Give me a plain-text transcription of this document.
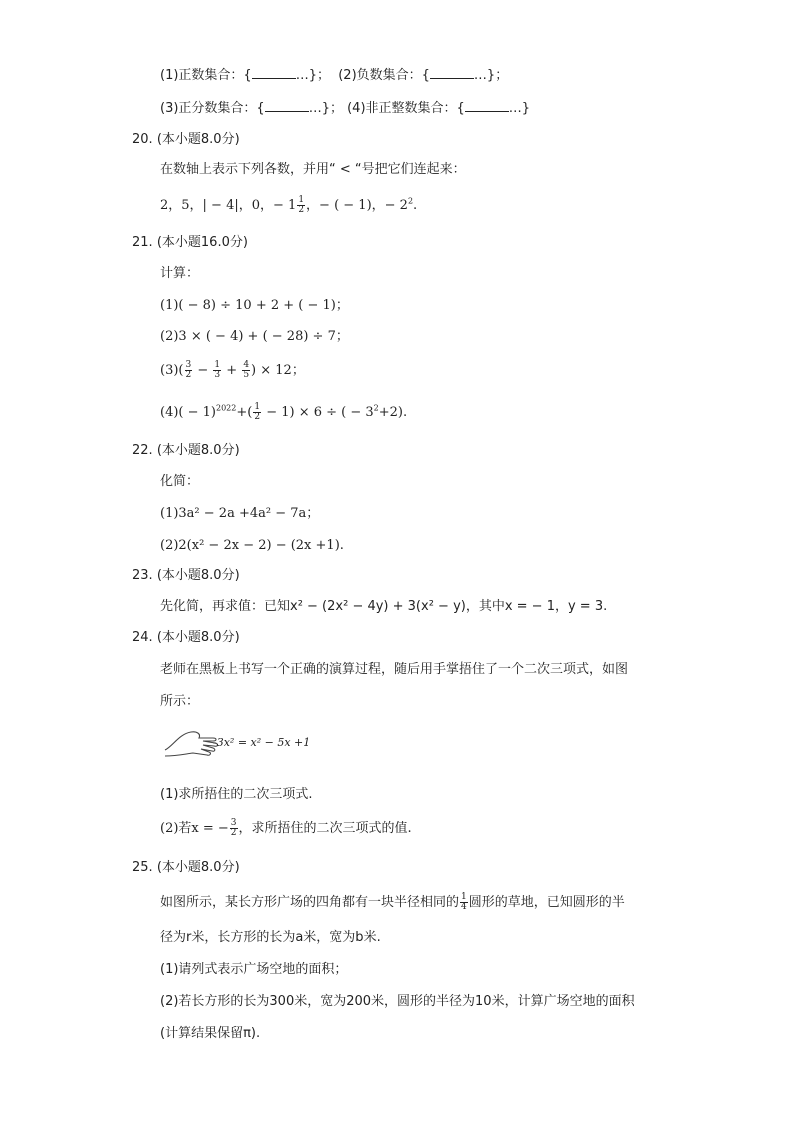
(1)正数集合：{	…}； (2)负数集合：{	…}；
(3)正分数集合：{	…}； (4)非正整数集合：{	…}
20. (本小题8.0分)
在数轴上表示下列各数，并用“ < “号把它们连起来：
2，5，| − 4|，0，− $1 \frac{1}{2}$ ，− ( − 1)，− $2^2$.
21. (本小题16.0分)
计算：
(1)( − 8) ÷ 10 + 2 + ( − 1)；
(2)3 × ( − 4) + ( − 28) ÷ 7；
$(3)( \frac{3}{2} - \frac{1}{3} + \frac{4}{5}$ ) × 12；
$(4)( - 1)^{2022}+( \frac{1}{2} - 1) \times 6$ ÷ ( − $3^2+2$).
22. (本小题8.0分)
化简：
(1)3a² − 2a +4a² − 7a；
(2)2(x² − 2x − 2) − (2x +1).
23. (本小题8.0分)
先化简，再求值：已知x² − (2x² − 4y) + 3(x² − y)，其中x = − 1，y = 3.
24. (本小题8.0分)
老师在黑板上书写一个正确的演算过程，随后用手掌捂住了一个二次三项式，如图
所示：
-3x² = x² − 5x +1
(1)求所捂住的二次三项式.
(2)若x = − $\frac{3}{2}$ ，求所捂住的二次三项式的值.
25. (本小题8.0分)
如图所示，某长方形广场的四角都有一块半径相同的 $\frac{1}{4}$ 圆形的草地，已知圆形的半
径为r米，长方形的长为a米，宽为b米.
(1)请列式表示广场空地的面积；
(2)若长方形的长为300米，宽为200米，圆形的半径为10米，计算广场空地的面积
(计算结果保留π).
